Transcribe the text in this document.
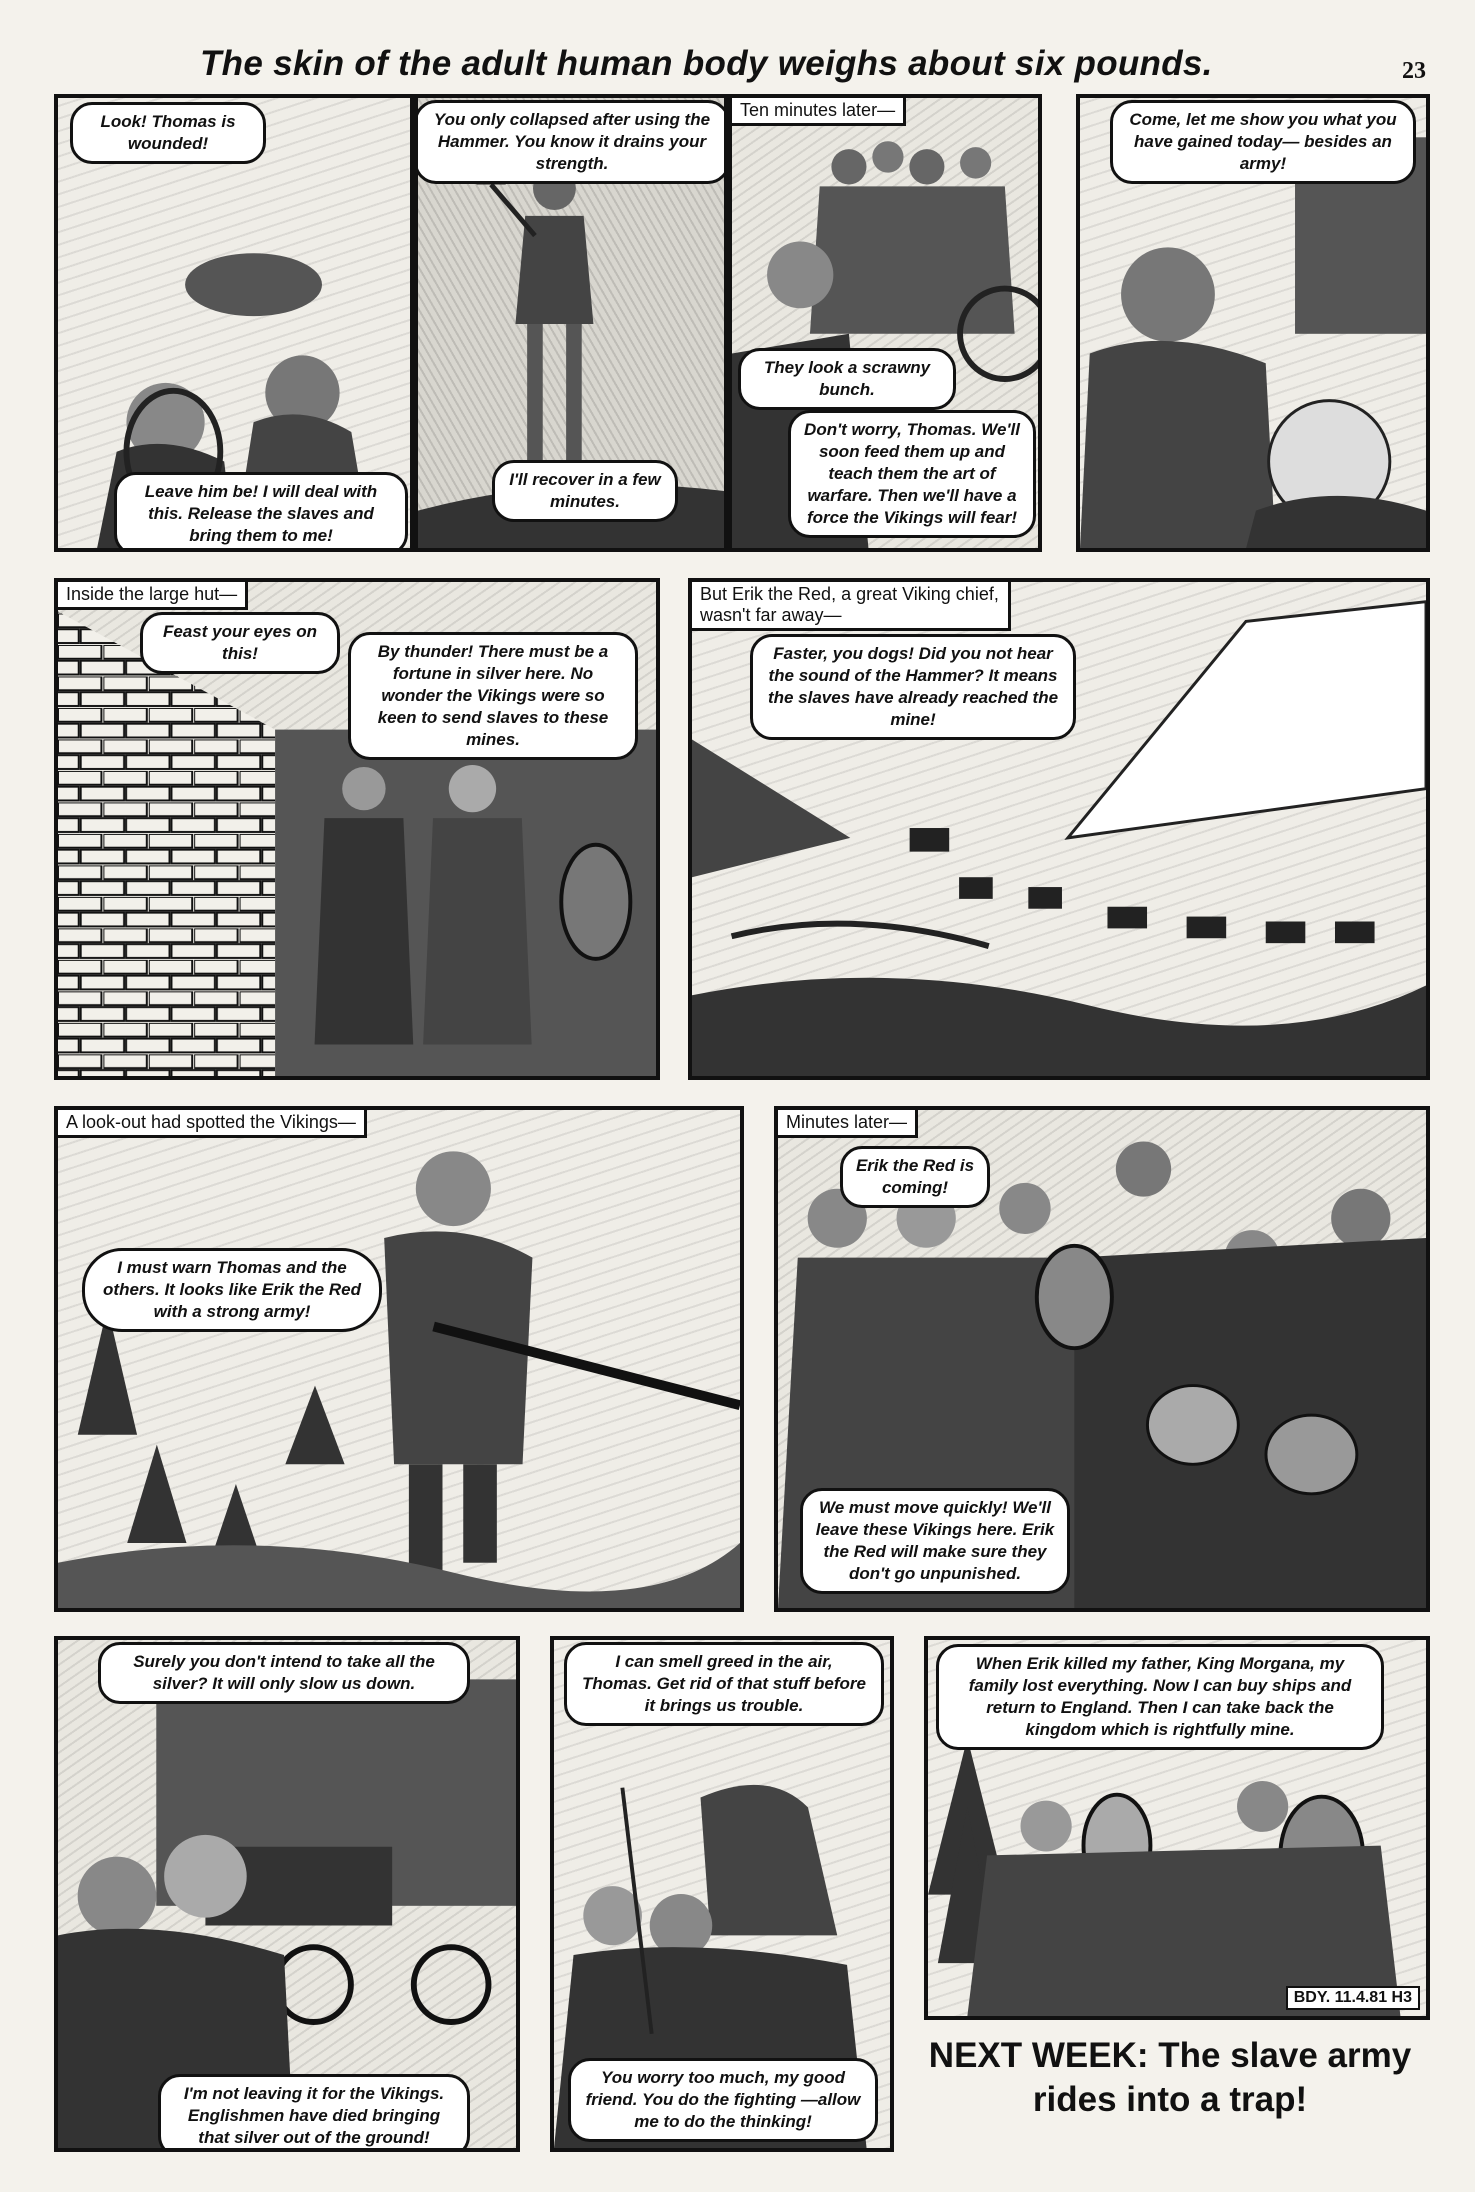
The skin of the adult human body weighs about six pounds.	23
Look! Thomas is wounded!
Leave him be! I will deal with this. Release the slaves and bring them to me!
You only collapsed after using the Hammer. You know it drains your strength.
I'll recover in a few minutes.
Ten minutes later—
They look a scrawny bunch.
Don't worry, Thomas. We'll soon feed them up and teach them the art of warfare. Then we'll have a force the Vikings will fear!
Come, let me show you what you have gained today— besides an army!
Inside the large hut—
Feast your eyes on this!	By thunder! There must be a fortune in silver here. No wonder the Vikings were so keen to send slaves to these mines.
But Erik the Red, a great Viking chief, wasn't far away—
Faster, you dogs! Did you not hear the sound of the Hammer? It means the slaves have already reached the mine!
A look-out had spotted the Vikings—
I must warn Thomas and the others. It looks like Erik the Red with a strong army!
Minutes later—
Erik the Red is coming!
We must move quickly! We'll leave these Vikings here. Erik the Red will make sure they don't go unpunished.
Surely you don't intend to take all the silver? It will only slow us down.
I'm not leaving it for the Vikings. Englishmen have died bringing that silver out of the ground!
I can smell greed in the air, Thomas. Get rid of that stuff before it brings us trouble.
You worry too much, my good friend. You do the fighting —allow me to do the thinking!
When Erik killed my father, King Morgana, my family lost everything. Now I can buy ships and return to England. Then I can take back the kingdom which is rightfully mine.
BDY. 11.4.81 H3
NEXT WEEK: The slave army rides into a trap!
